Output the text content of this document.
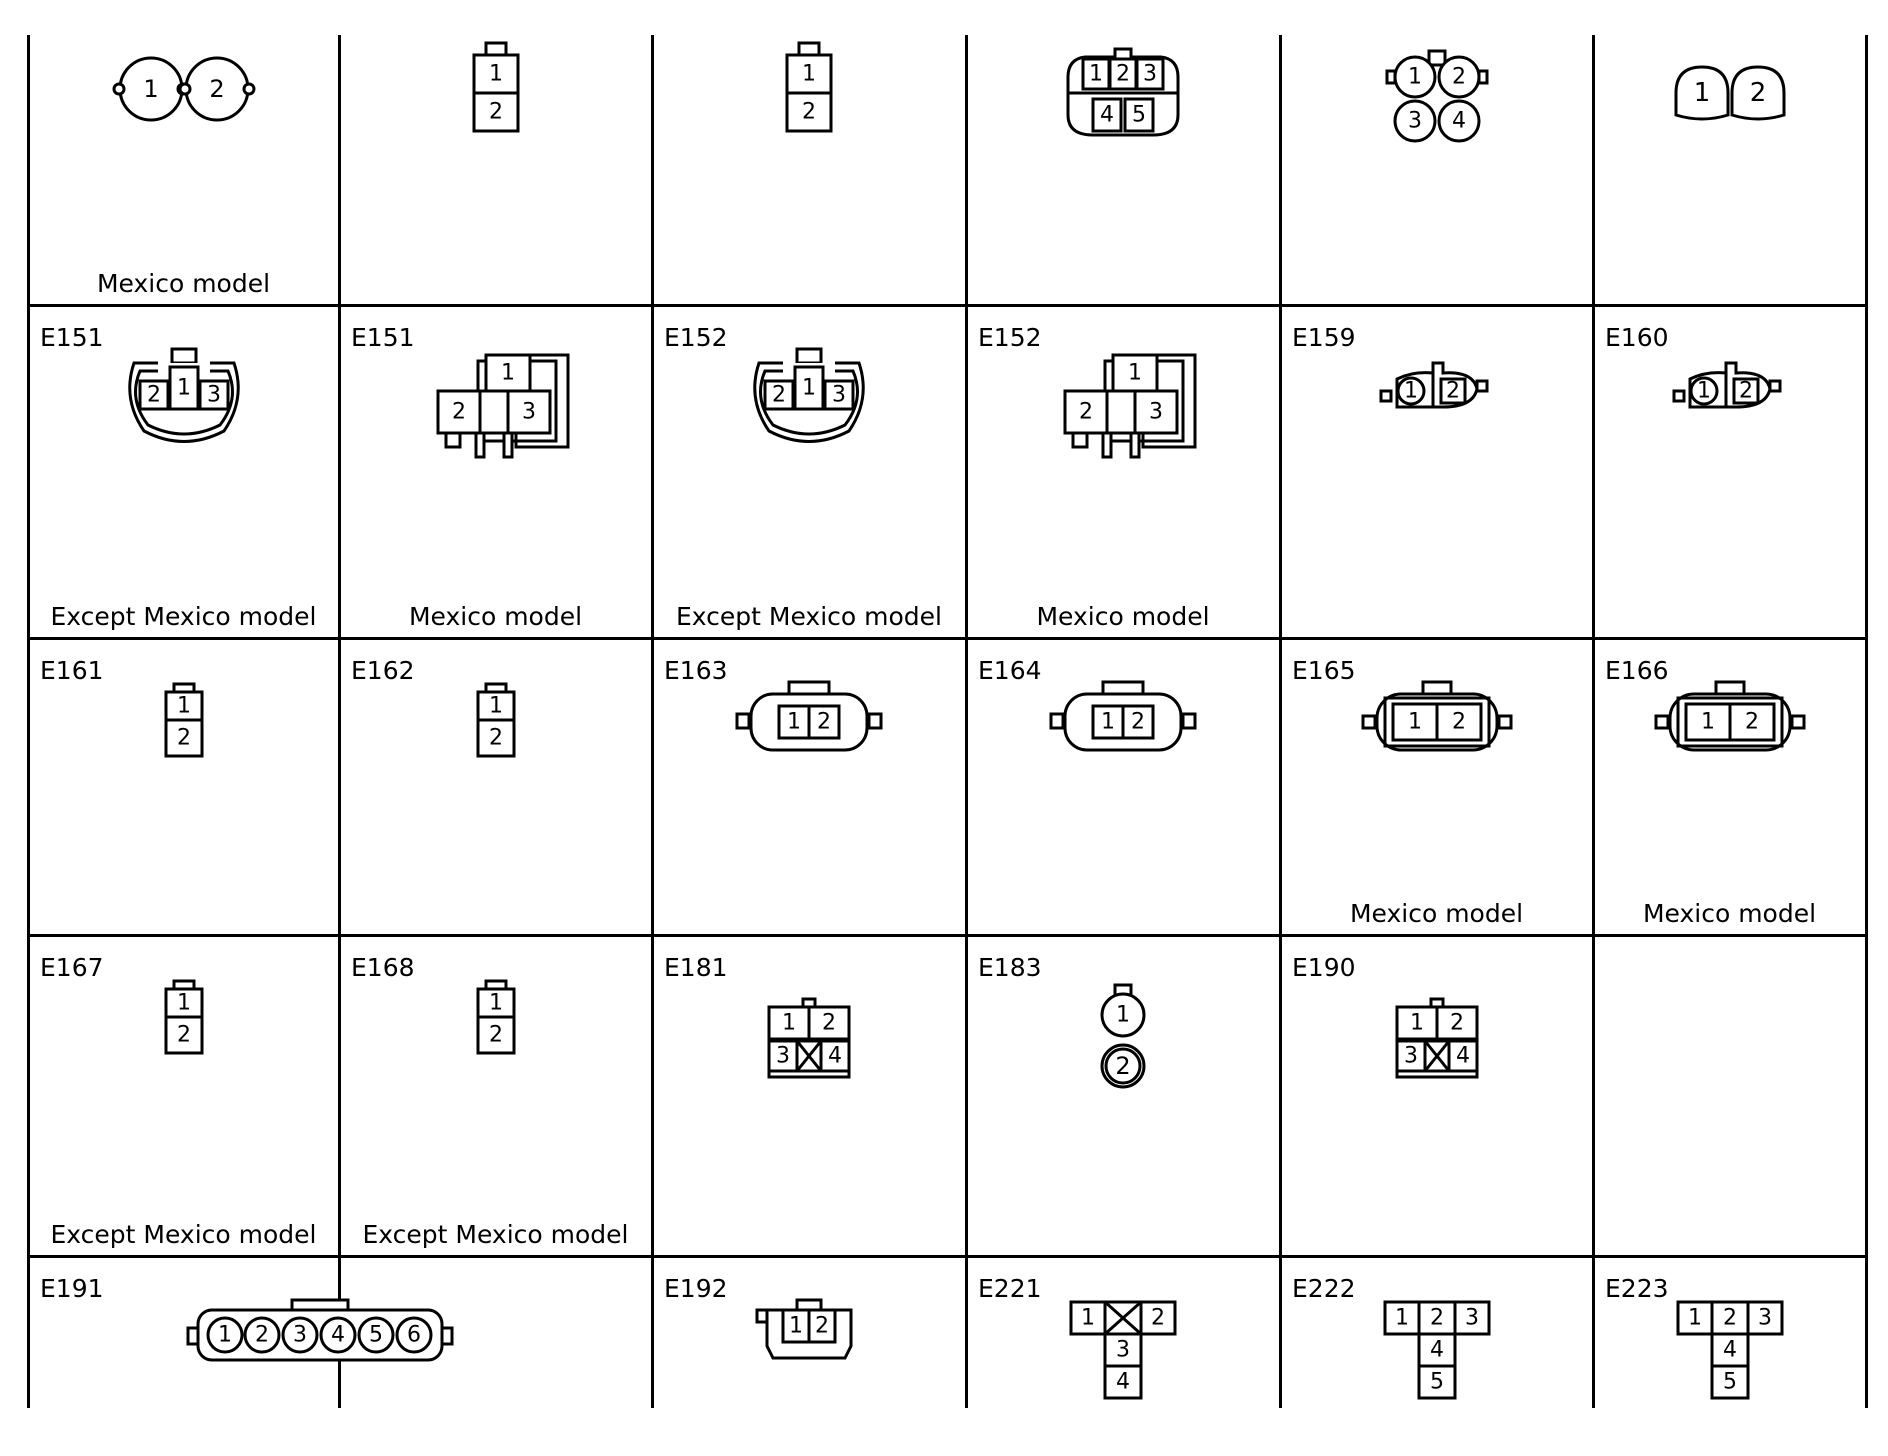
1 2
Mexico model
1
2
1
2
1 2 3
4 5
1 2
3 4
1 2
E151
2 3
1
Except Mexico model
E151
1
2	3
Mexico model
E152
2 3
1
Except Mexico model
E152
1
2	3
Mexico model
E159
1 2
E160
1 2
E161
1
2
E162
1
2
E163
1 2
E164
1 2
E165
1 2
Mexico model
E166
1 2
Mexico model
E167
1
2
Except Mexico model
E168
1
2
Except Mexico model
E181
1 2
3 4
E183
1
2
E190
1 2
3 4
E191
1 2 3 4 5 6
E192
1 2
E221
1	2
3
4
E222
1 2 3
4
5
E223
1 2 3
4
5
